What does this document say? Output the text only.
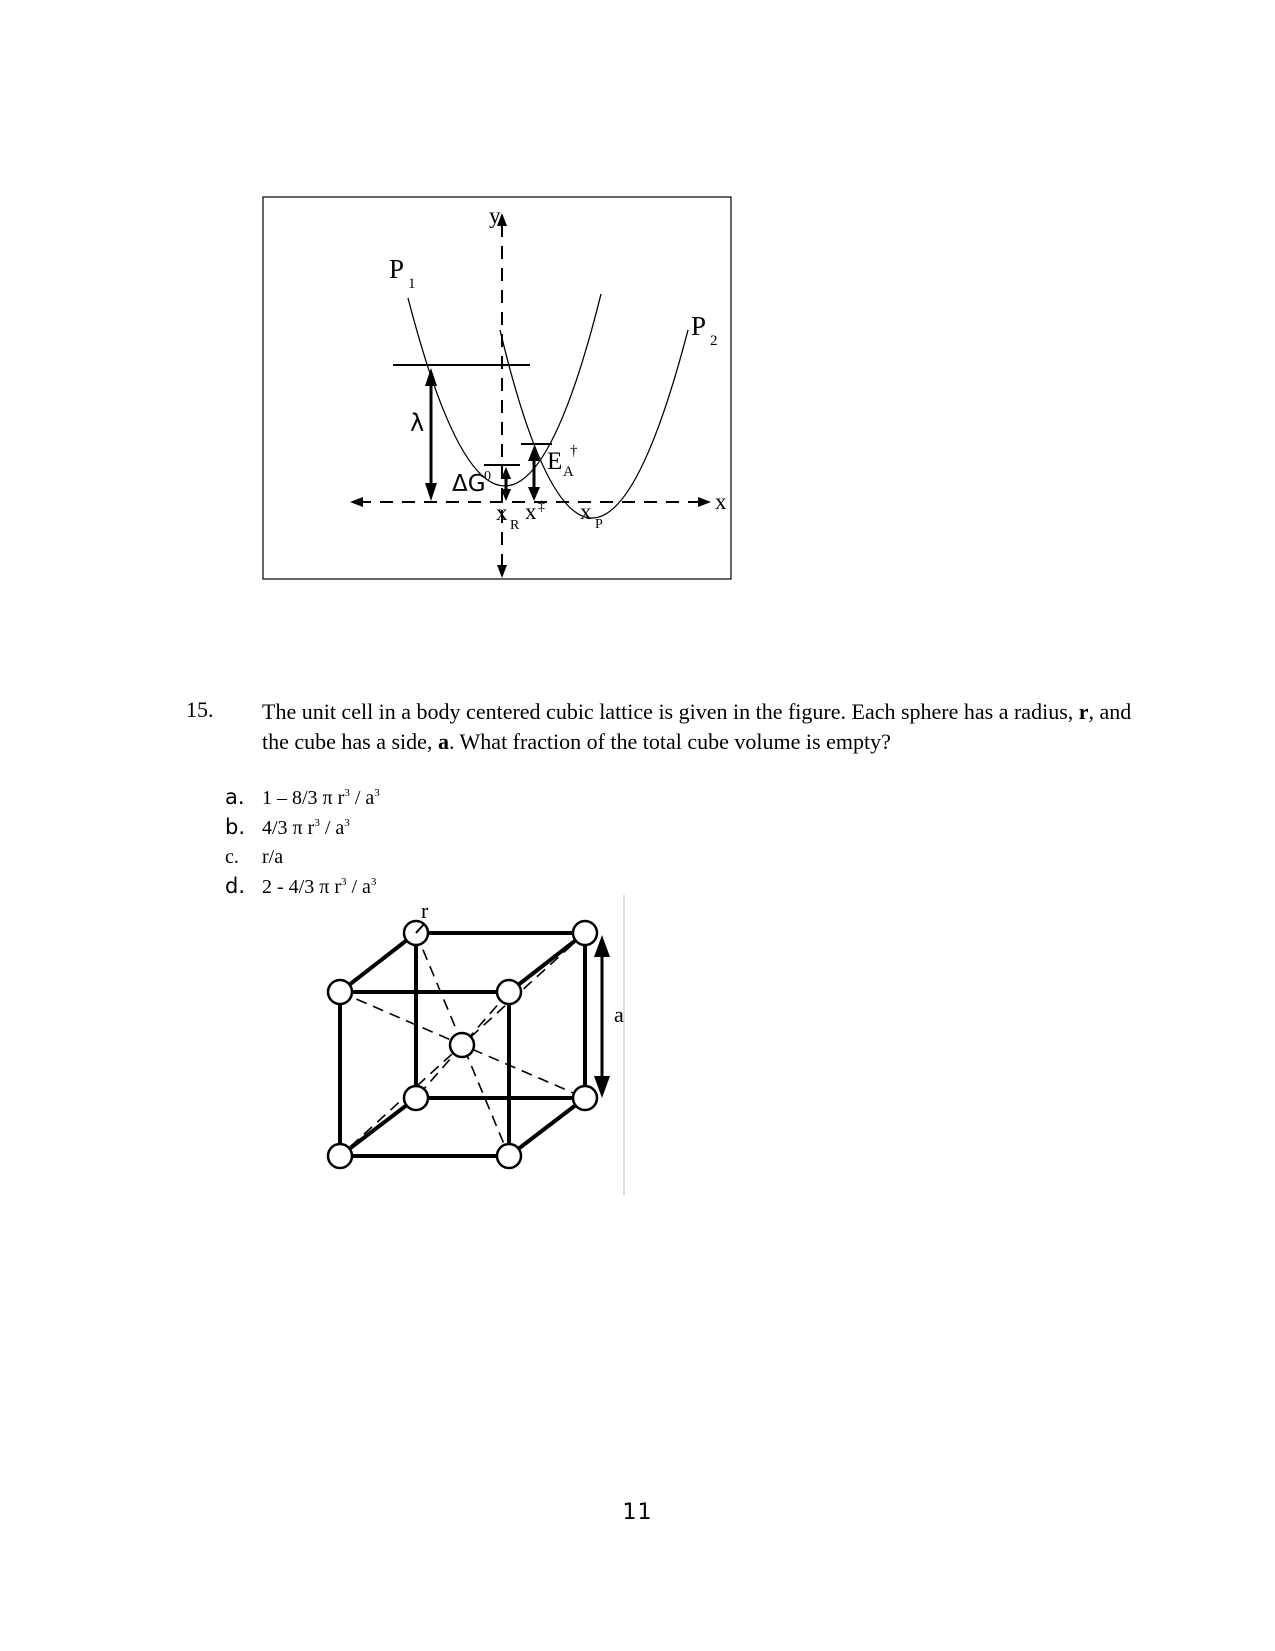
y
x
P 1
P 2
λ
ΔG
0
E A
†
x
R
x ‡ x
P
15. The unit cell in a body centered cubic lattice is given in the figure. Each sphere has a radius, r, and the cube has a side, a. What fraction of the total cube volume is empty?
a. 1 – 8/3 π $r^3 / a^3$
b. 4/3 π $r^3 / a^3$
c.	r/a
d. 2 - 4/3 π $r^3 / a^3$
r
a
11
